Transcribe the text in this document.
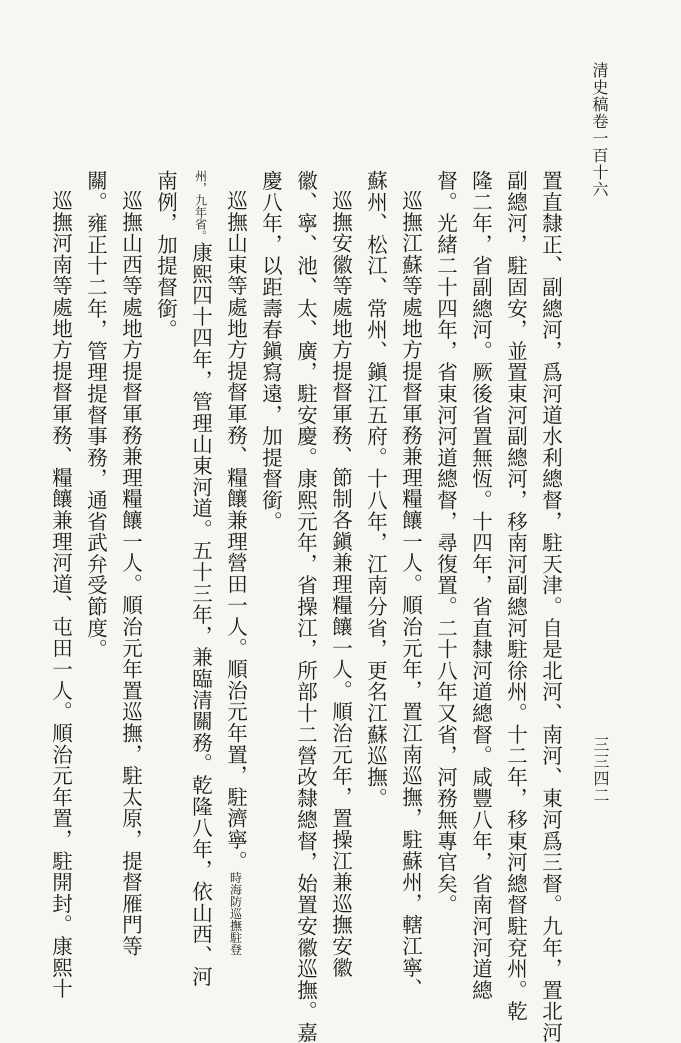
清史稿卷一百十六
置直隸正、副總河，爲河道水利總督，駐天津。自是北河、南河、東河爲三督。九年，置北河
副總河，駐固安，並置東河副總河，移南河副總河駐徐州。十二年，移東河總督駐兗州。乾
隆二年，省副總河。厥後省置無恆。十四年，省直隸河道總督。咸豐八年，省南河河道總
督。光緒二十四年，省東河河道總督，尋復置。二十八年又省，河務無專官矣。
巡撫江蘇等處地方提督軍務兼理糧饟一人。順治元年，置江南巡撫，駐蘇州，轄江寧、
蘇州、松江、常州、鎭江五府。十八年，江南分省，更名江蘇巡撫。
巡撫安徽等處地方提督軍務、節制各鎭兼理糧饟一人。順治元年，置操江兼巡撫安徽
徽、寧、池、太、廣，駐安慶。康熙元年，省操江，所部十二營改隸總督，始置安徽巡撫。嘉
慶八年，以距壽春鎭寫遠，加提督銜。
巡撫山東等處地方提督軍務、糧饟兼理營田一人。順治元年置，駐濟寧。時海防巡撫駐登
州，九年省。康熙四十四年，管理山東河道。五十三年，兼臨清關務。乾隆八年，依山西、河
南例，加提督銜。
巡撫山西等處地方提督軍務兼理糧饟一人。順治元年置巡撫，駐太原，提督雁門等
關。雍正十二年，管理提督事務，通省武弁受節度。
巡撫河南等處地方提督軍務、糧饟兼理河道、屯田一人。順治元年置，駐開封。康熙十	三三四二
